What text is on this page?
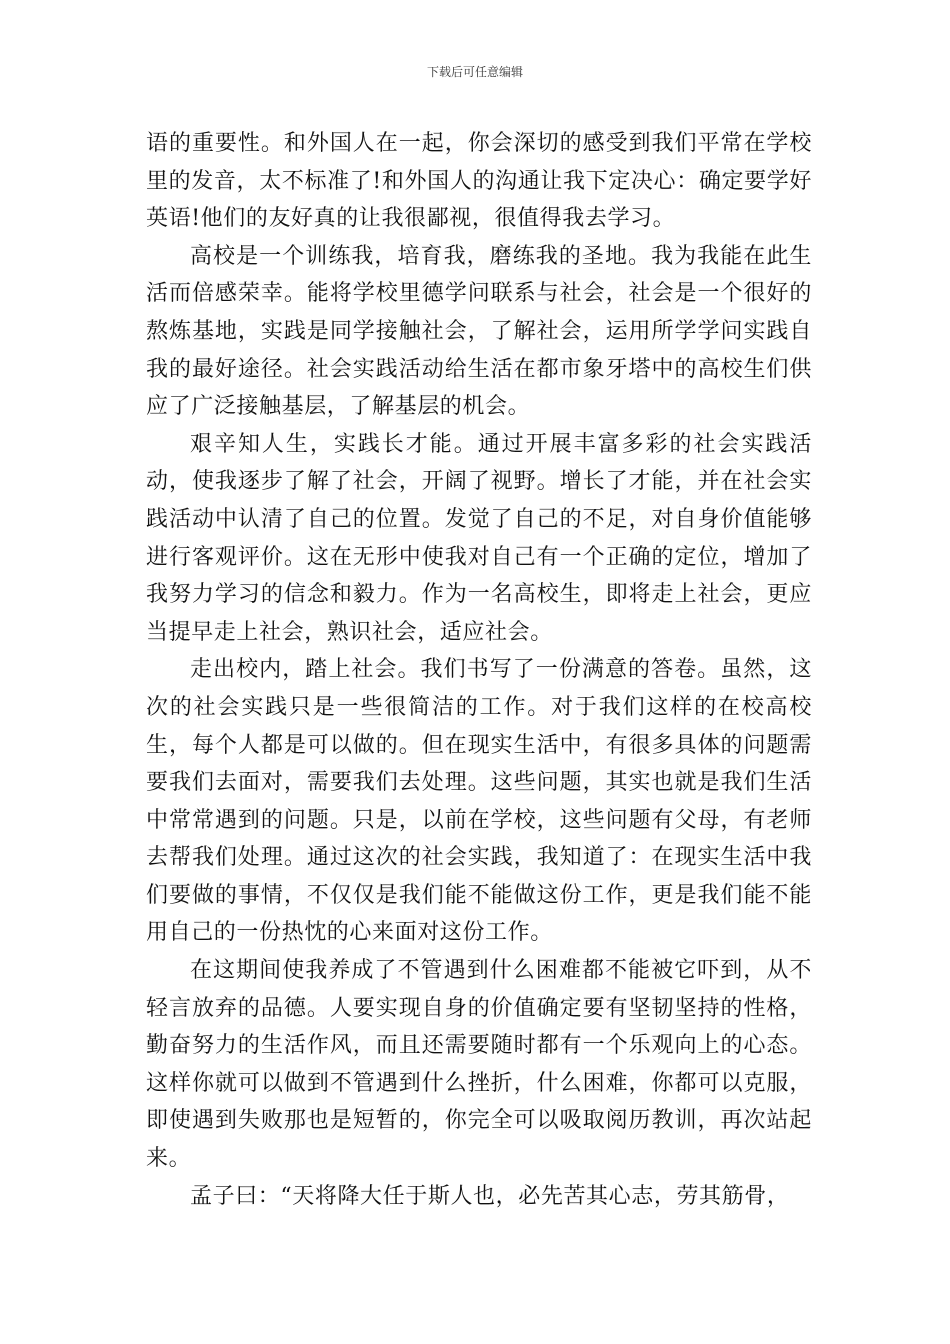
下载后可任意编辑

语的重要性。和外国人在一起，你会深切的感受到我们平常在学校里的发音，太不标准了!和外国人的沟通让我下定决心：确定要学好英语!他们的友好真的让我很鄙视，很值得我去学习。

高校是一个训练我，培育我，磨练我的圣地。我为我能在此生活而倍感荣幸。能将学校里德学问联系与社会，社会是一个很好的熬炼基地，实践是同学接触社会，了解社会，运用所学学问实践自我的最好途径。社会实践活动给生活在都市象牙塔中的高校生们供应了广泛接触基层，了解基层的机会。

艰辛知人生，实践长才能。通过开展丰富多彩的社会实践活动，使我逐步了解了社会，开阔了视野。增长了才能，并在社会实践活动中认清了自己的位置。发觉了自己的不足，对自身价值能够进行客观评价。这在无形中使我对自己有一个正确的定位，增加了我努力学习的信念和毅力。作为一名高校生，即将走上社会，更应当提早走上社会，熟识社会，适应社会。

走出校内，踏上社会。我们书写了一份满意的答卷。虽然，这次的社会实践只是一些很简洁的工作。对于我们这样的在校高校生，每个人都是可以做的。但在现实生活中，有很多具体的问题需要我们去面对，需要我们去处理。这些问题，其实也就是我们生活中常常遇到的问题。只是，以前在学校，这些问题有父母，有老师去帮我们处理。通过这次的社会实践，我知道了：在现实生活中我们要做的事情，不仅仅是我们能不能做这份工作，更是我们能不能用自己的一份热忱的心来面对这份工作。

在这期间使我养成了不管遇到什么困难都不能被它吓到，从不轻言放弃的品德。人要实现自身的价值确定要有坚韧坚持的性格，勤奋努力的生活作风，而且还需要随时都有一个乐观向上的心态。这样你就可以做到不管遇到什么挫折，什么困难，你都可以克服，即使遇到失败那也是短暂的，你完全可以吸取阅历教训，再次站起来。

孟子曰：“天将降大任于斯人也，必先苦其心志，劳其筋骨，
